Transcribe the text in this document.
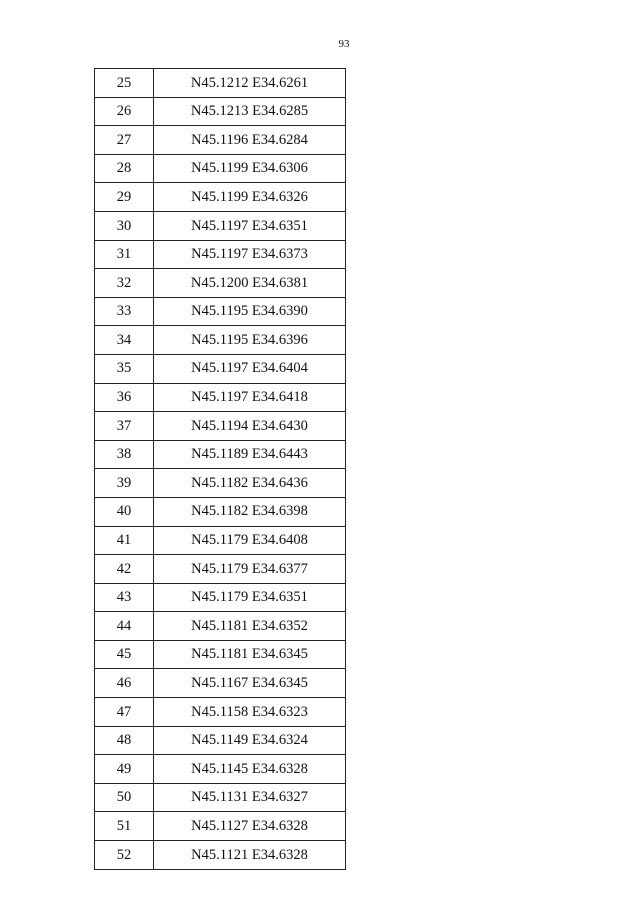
93
25	N45.1212 E34.6261
26	N45.1213 E34.6285
27	N45.1196 E34.6284
28	N45.1199 E34.6306
29	N45.1199 E34.6326
30	N45.1197 E34.6351
31	N45.1197 E34.6373
32	N45.1200 E34.6381
33	N45.1195 E34.6390
34	N45.1195 E34.6396
35	N45.1197 E34.6404
36	N45.1197 E34.6418
37	N45.1194 E34.6430
38	N45.1189 E34.6443
39	N45.1182 E34.6436
40	N45.1182 E34.6398
41	N45.1179 E34.6408
42	N45.1179 E34.6377
43	N45.1179 E34.6351
44	N45.1181 E34.6352
45	N45.1181 E34.6345
46	N45.1167 E34.6345
47	N45.1158 E34.6323
48	N45.1149 E34.6324
49	N45.1145 E34.6328
50	N45.1131 E34.6327
51	N45.1127 E34.6328
52	N45.1121 E34.6328
